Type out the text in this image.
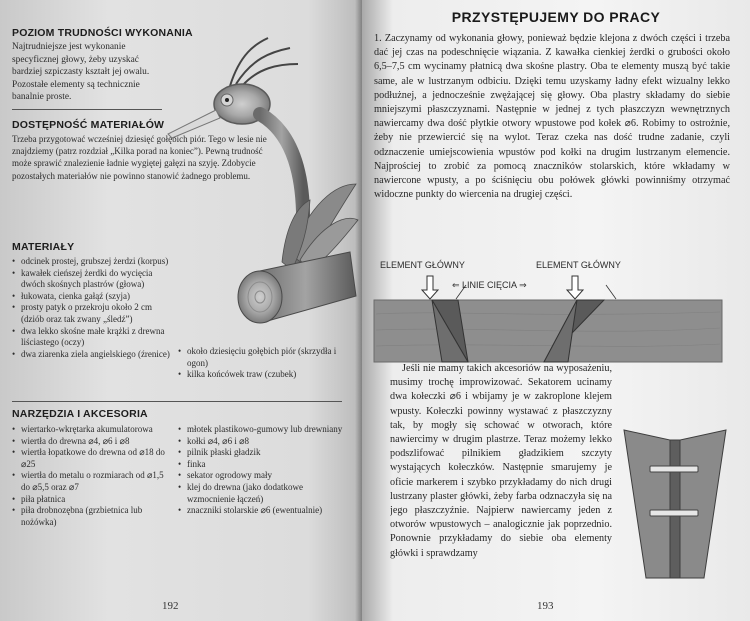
POZIOM TRUDNOŚCI WYKONANIA
Najtrudniejsze jest wykonanie specyficznej głowy, żeby uzyskać bardziej szpiczasty kształt jej owalu. Pozostałe elementy są technicznie banalnie proste.
DOSTĘPNOŚĆ MATERIAŁÓW
Trzeba przygotować wcześniej dziesięć gołębich piór. Tego w lesie nie znajdziemy (patrz rozdział „Kilka porad na koniec”). Pewną trudność może sprawić znalezienie ładnie wygiętej gałęzi na szyję. Zdobycie pozostałych materiałów nie powinno stanowić żadnego problemu.
MATERIAŁY
• odcinek prostej, grubszej żerdzi (korpus)
• kawałek cieńszej żerdki do wycięcia dwóch skośnych plastrów (głowa)
• łukowata, cienka gałąź (szyja)
• prosty patyk o przekroju około 2 cm (dziób oraz tak zwany „śledź”)
• dwa lekko skośne małe krążki z drewna liściastego (oczy)
• dwa ziarenka ziela angielskiego (źrenice)
•	około dziesięciu gołębich piór (skrzydła i ogon)
• kilka końcówek traw (czubek)
NARZĘDZIA I AKCESORIA
• wiertarko-wkrętarka akumulatorowa
• wiertła do drewna ⌀4, ⌀6 i ⌀8
• wiertła łopatkowe do drewna od ⌀18 do ⌀25
• wiertła do metalu o rozmiarach od ⌀1,5 do ⌀5,5 oraz ⌀7
• piła płatnica
• piła drobnozębna (grzbietnica lub nożówka)
• młotek plastikowo-gumowy lub drewniany
• kołki ⌀4, ⌀6 i ⌀8
• pilnik płaski gładzik
• finka
• sekator ogrodowy mały
• klej do drewna (jako dodatkowe wzmocnienie łączeń)
• znaczniki stolarskie ⌀6 (ewentualnie)
192
PRZYSTĘPUJEMY DO PRACY
1. Zaczynamy od wykonania głowy, ponieważ będzie klejona z dwóch części i trzeba dać jej czas na podeschnięcie wiązania. Z kawałka cienkiej żerdki o grubości około 6,5–7,5 cm wycinamy płatnicą dwa skośne plastry. Oba te elementy muszą być takie same, ale w lustrzanym odbiciu. Dzięki temu uzyskamy ładny efekt wizualny lekko podłużnej, a jednocześnie zwężającej się głowy. Oba plastry składamy do siebie mniejszymi płaszczyznami. Następnie w jednej z tych płaszczyzn wewnętrznych nawiercamy dwa dość płytkie otwory wpustowe pod kołek ⌀6. Robimy to ostrożnie, żeby nie przewiercić się na wylot. Teraz czeka nas dość trudne zadanie, czyli odznaczenie umiejscowienia wpustów pod kołki na drugim lustrzanym elemencie. Najprościej to zrobić za pomocą znaczników stolarskich, które wkładamy w nawiercone wpusty, a po ściśnięciu obu połówek główki powinniśmy otrzymać widoczne punkty do wiercenia na drugiej części.
Jeśli nie mamy takich akcesoriów na wyposażeniu, musimy trochę improwizować. Sekatorem ucinamy dwa kołeczki ⌀6 i wbijamy je w zakroplone klejem wpusty. Kołeczki powinny wystawać z płaszczyzny tak, by mogły się schować w otworach, które nawiercimy w drugim plastrze. Teraz możemy lekko podszlifować pilnikiem gładzikiem szczyty wystających kołeczków. Następnie smarujemy je oficie markerem i szybko przykładamy do nich drugi lustrzany plaster główki, żeby farba odznaczyła się na jego płaszczyźnie. Najpierw nawiercamy jeden z otworów wpustowych – analogicznie jak poprzednio. Ponownie przykładamy do siebie oba elementy główki i sprawdzamy
193
ELEMENT GŁÓWNY	ELEMENT GŁÓWNY
⇐ LINIE CIĘCIA ⇒
